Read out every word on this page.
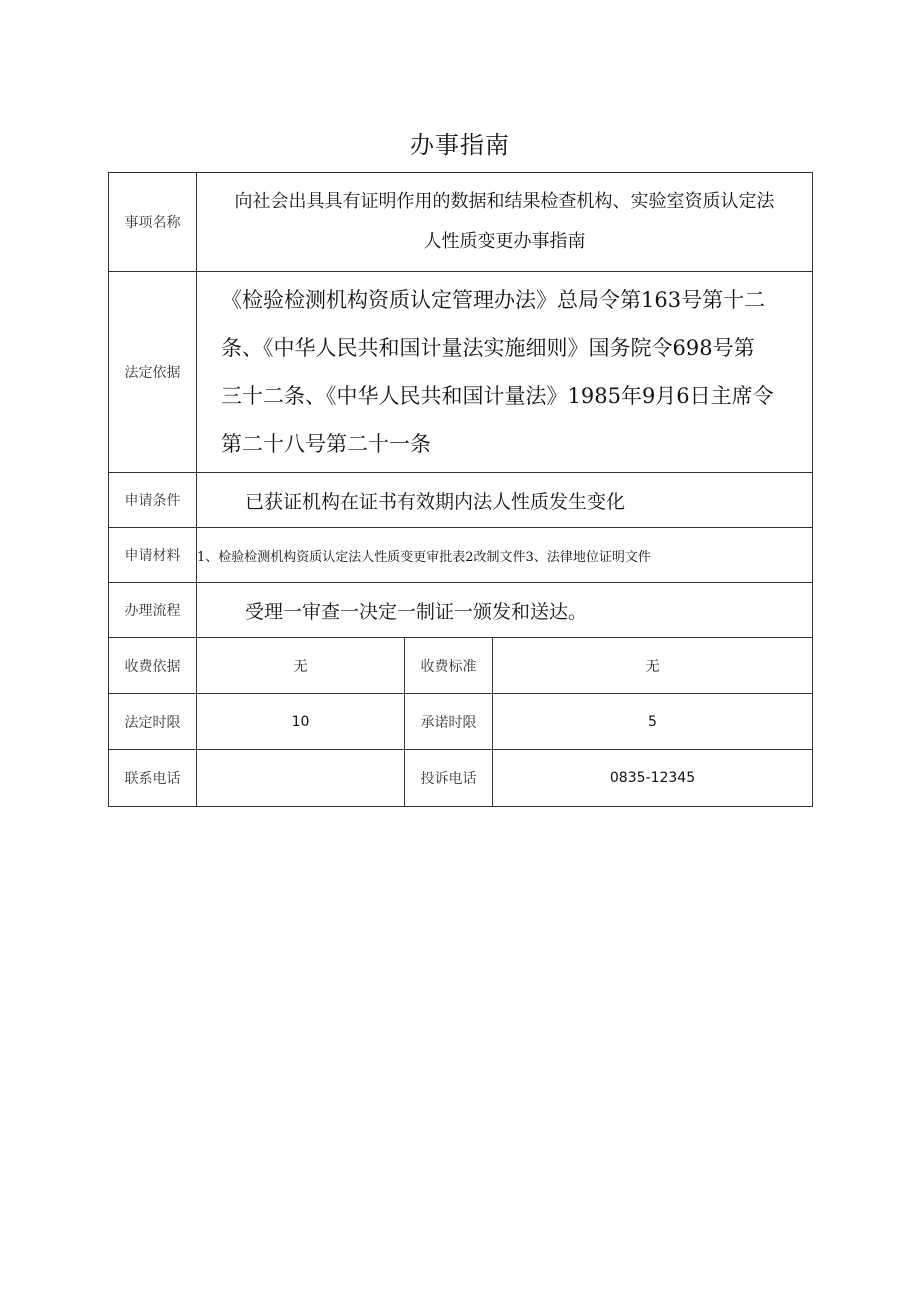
办事指南
事项名称	向社会出具具有证明作用的数据和结果检查机构、实验室资质认定法
人性质变更办事指南		

法定依据	《检验检测机构资质认定管理办法》总局令第163号第十二
条、《中华人民共和国计量法实施细则》国务院令698号第
三十二条、《中华人民共和国计量法》1985年9月6日主席令
第二十八号第二十一条		

申请条件	已获证机构在证书有效期内法人性质发生变化		
申请材料	1、检验检测机构资质认定法人性质变更审批表2改制文件3、法律地位证明文件		
办理流程	受理一审查一决定一制证一颁发和送达。		
收费依据	无	收费标准	无
法定时限	10	承诺时限	5
联系电话		投诉电话	0835-12345
